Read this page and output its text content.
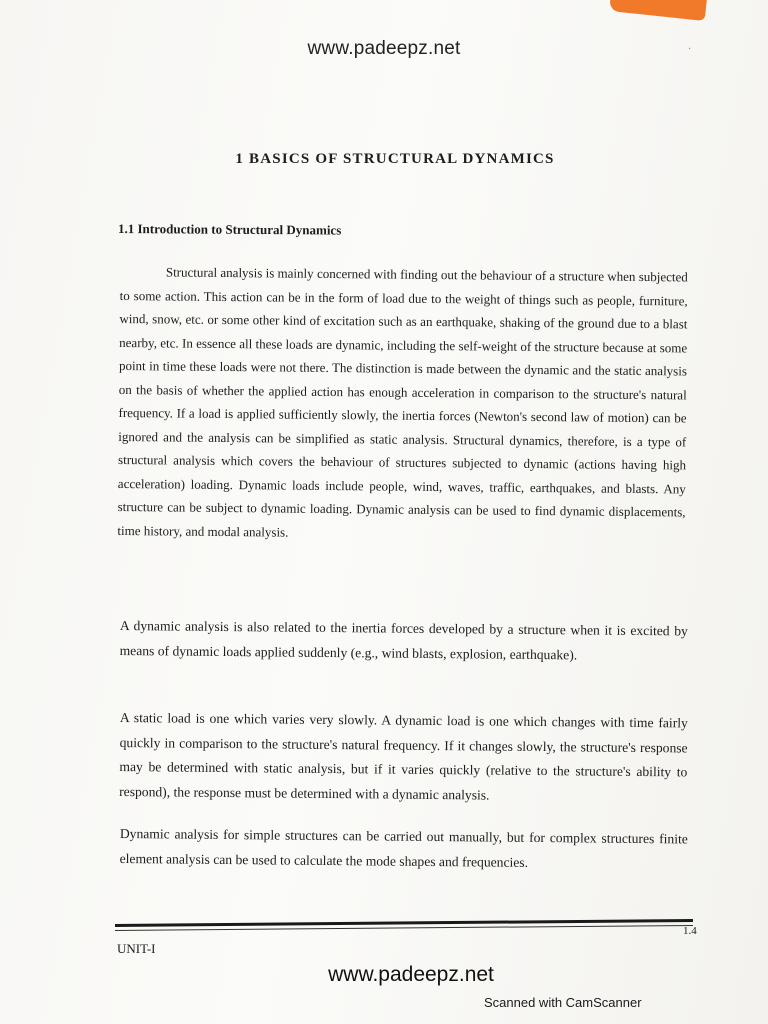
·
www.padeepz.net
1 BASICS OF STRUCTURAL DYNAMICS
1.1 Introduction to Structural Dynamics

Structural analysis is mainly concerned with finding out the behaviour of a structure when subjected to some action. This action can be in the form of load due to the weight of things such as people, furniture, wind, snow, etc. or some other kind of excitation such as an earthquake, shaking of the ground due to a blast nearby, etc. In essence all these loads are dynamic, including the self-weight of the structure because at some point in time these loads were not there. The distinction is made between the dynamic and the static analysis on the basis of whether the applied action has enough acceleration in comparison to the structure's natural frequency. If a load is applied sufficiently slowly, the inertia forces (Newton's second law of motion) can be ignored and the analysis can be simplified as static analysis. Structural dynamics, therefore, is a type of structural analysis which covers the behaviour of structures subjected to dynamic (actions having high acceleration) loading. Dynamic loads include people, wind, waves, traffic, earthquakes, and blasts. Any structure can be subject to dynamic loading. Dynamic analysis can be used to find dynamic displacements, time history, and modal analysis.

A dynamic analysis is also related to the inertia forces developed by a structure when it is excited by means of dynamic loads applied suddenly (e.g., wind blasts, explosion, earthquake).

A static load is one which varies very slowly. A dynamic load is one which changes with time fairly quickly in comparison to the structure's natural frequency. If it changes slowly, the structure's response may be determined with static analysis, but if it varies quickly (relative to the structure's ability to respond), the response must be determined with a dynamic analysis.

Dynamic analysis for simple structures can be carried out manually, but for complex structures finite element analysis can be used to calculate the mode shapes and frequencies.

UNIT-I
1.4
www.padeepz.net
Scanned with CamScanner
